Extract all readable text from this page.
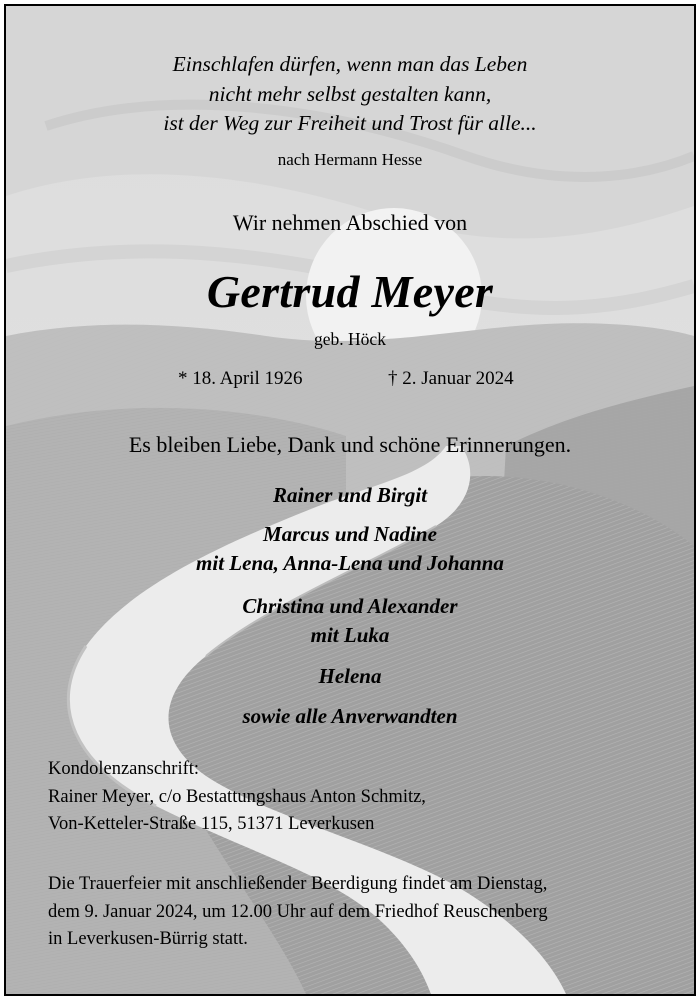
Einschlafen dürfen, wenn man das Leben
nicht mehr selbst gestalten kann,
ist der Weg zur Freiheit und Trost für alle...
nach Hermann Hesse
Wir nehmen Abschied von
Gertrud Meyer
geb. Höck
* 18. April 1926	† 2. Januar 2024
Es bleiben Liebe, Dank und schöne Erinnerungen.
Rainer und Birgit
Marcus und Nadine
mit Lena, Anna-Lena und Johanna
Christina und Alexander
mit Luka
Helena
sowie alle Anverwandten
Kondolenzanschrift:
Rainer Meyer, c/o Bestattungshaus Anton Schmitz,
Von-Ketteler-Straße 115, 51371 Leverkusen
Die Trauerfeier mit anschließender Beerdigung findet am Dienstag,
dem 9. Januar 2024, um 12.00 Uhr auf dem Friedhof Reuschenberg
in Leverkusen-Bürrig statt.
